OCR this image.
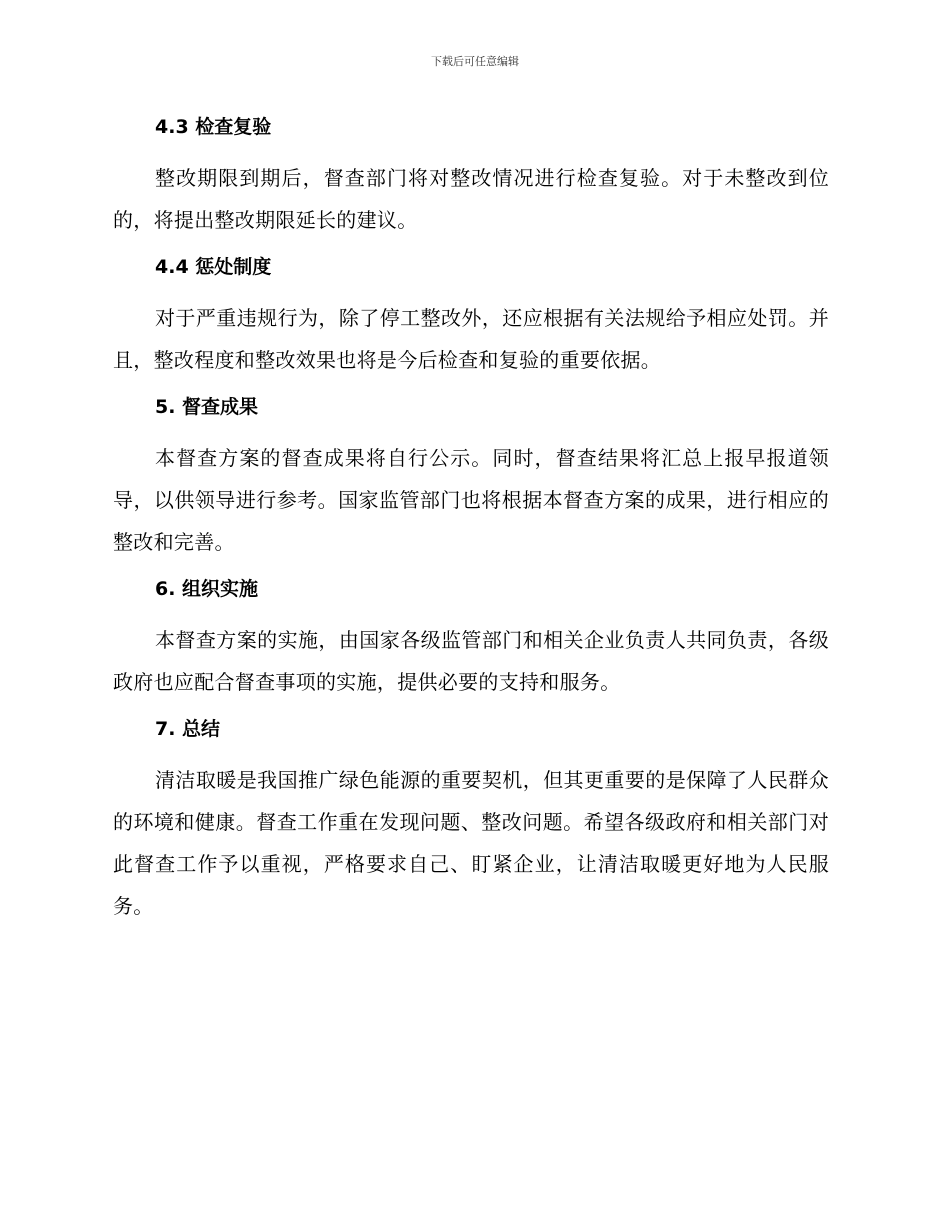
下载后可任意编辑
4.3 检查复验

整改期限到期后，督查部门将对整改情况进行检查复验。对于未整改到位的，将提出整改期限延长的建议。

4.4 惩处制度

对于严重违规行为，除了停工整改外，还应根据有关法规给予相应处罚。并且，整改程度和整改效果也将是今后检查和复验的重要依据。

5. 督查成果

本督查方案的督查成果将自行公示。同时，督查结果将汇总上报早报道领导，以供领导进行参考。国家监管部门也将根据本督查方案的成果，进行相应的整改和完善。

6. 组织实施

本督查方案的实施，由国家各级监管部门和相关企业负责人共同负责，各级政府也应配合督查事项的实施，提供必要的支持和服务。

7. 总结

清洁取暖是我国推广绿色能源的重要契机，但其更重要的是保障了人民群众的环境和健康。督查工作重在发现问题、整改问题。希望各级政府和相关部门对此督查工作予以重视，严格要求自己、盯紧企业，让清洁取暖更好地为人民服务。
